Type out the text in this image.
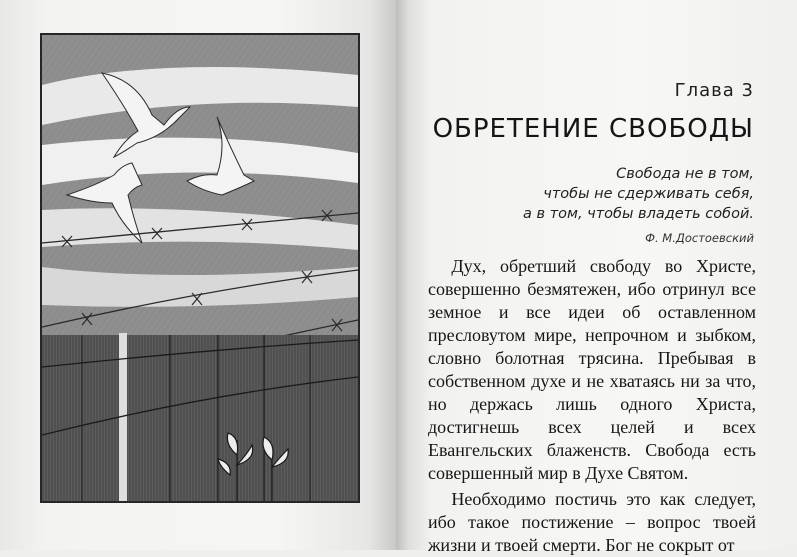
Глава 3
ОБРЕТЕНИЕ СВОБОДЫ
Свобода не в том,
чтобы не сдерживать себя,
а в том, чтобы владеть собой.
Ф. М.Достоевский

Дух, обретший свободу во Христе, совершенно безмятежен, ибо отринул все земное и все идеи об оставленном пресловутом мире, непрочном и зыбком, словно болотная трясина. Пребывая в собственном духе и не хватаясь ни за что, но держась лишь одного Христа, достигнешь всех целей и всех Евангельских блаженств. Свобода есть совершенный мир в Духе Святом.

Необходимо постичь это как следует, ибо такое постижение – вопрос твоей жизни и твоей смерти. Бог не сокрыт от
